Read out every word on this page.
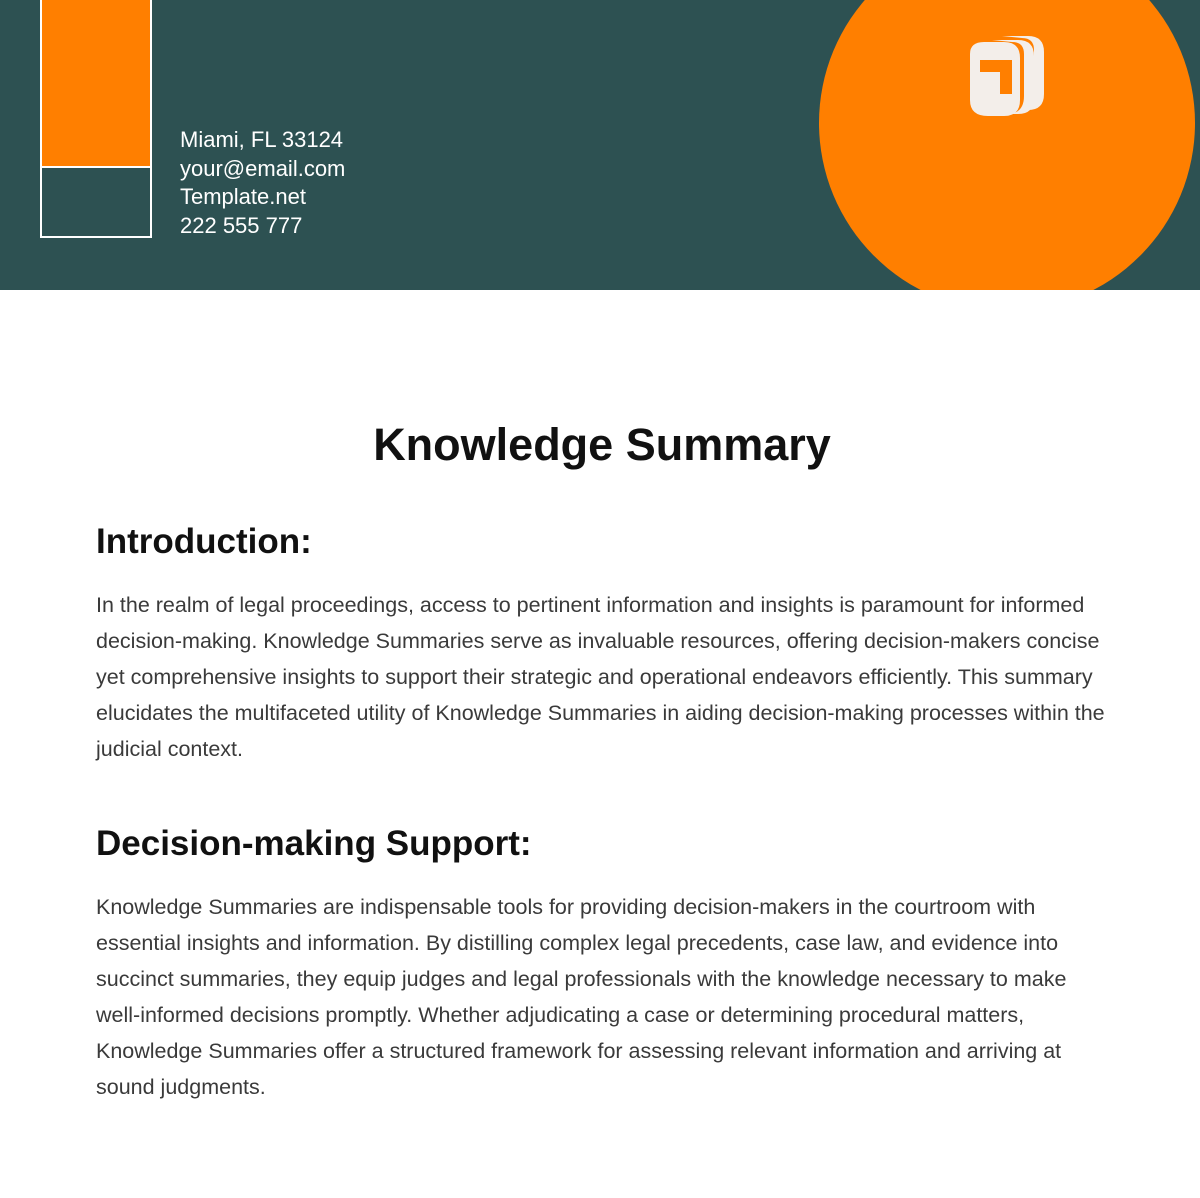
Miami, FL 33124
your@email.com
Template.net
222 555 777
Knowledge Summary
Introduction:

In the realm of legal proceedings, access to pertinent information and insights is paramount for informed decision-making. Knowledge Summaries serve as invaluable resources, offering decision-makers concise yet comprehensive insights to support their strategic and operational endeavors efficiently. This summary elucidates the multifaceted utility of Knowledge Summaries in aiding decision-making processes within the judicial context.

Decision-making Support:

Knowledge Summaries are indispensable tools for providing decision-makers in the courtroom with essential insights and information. By distilling complex legal precedents, case law, and evidence into succinct summaries, they equip judges and legal professionals with the knowledge necessary to make well-informed decisions promptly. Whether adjudicating a case or determining procedural matters, Knowledge Summaries offer a structured framework for assessing relevant information and arriving at sound judgments.
